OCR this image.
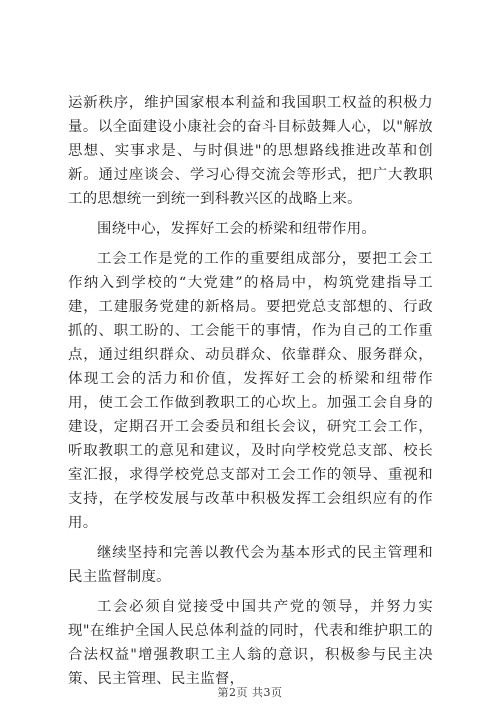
运新秩序，维护国家根本利益和我国职工权益的积极力量。以全面建设小康社会的奋斗目标鼓舞人心，以"解放思想、实事求是、与时俱进"的思想路线推进改革和创新。通过座谈会、学习心得交流会等形式，把广大教职工的思想统一到统一到科教兴区的战略上来。

围绕中心，发挥好工会的桥梁和纽带作用。

工会工作是党的工作的重要组成部分，要把工会工作纳入到学校的“大党建”的格局中，构筑党建指导工建，工建服务党建的新格局。要把党总支部想的、行政抓的、职工盼的、工会能干的事情，作为自己的工作重点，通过组织群众、动员群众、依靠群众、服务群众，体现工会的活力和价值，发挥好工会的桥梁和纽带作用，使工会工作做到教职工的心坎上。加强工会自身的建设，定期召开工会委员和组长会议，研究工会工作，听取教职工的意见和建议，及时向学校党总支部、校长室汇报，求得学校党总支部对工会工作的领导、重视和支持，在学校发展与改革中积极发挥工会组织应有的作用。

继续坚持和完善以教代会为基本形式的民主管理和民主监督制度。

工会必须自觉接受中国共产党的领导，并努力实现"在维护全国人民总体利益的同时，代表和维护职工的合法权益"增强教职工主人翁的意识，积极参与民主决策、民主管理、民主监督，

第2页 共3页
